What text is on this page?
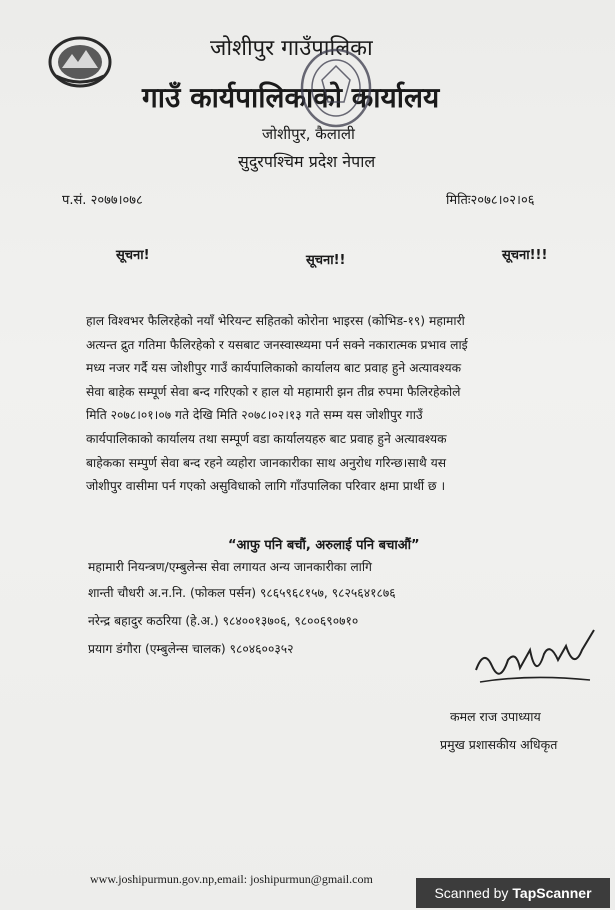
जोशीपुर गाउँपालिका
गाउँ कार्यपालिकाको कार्यालय
जोशीपुर, कैलाली
सुदुरपश्चिम प्रदेश नेपाल
प.सं. २०७७।०७८	मितिः२०७८।०२।०६
सूचना!	सूचना!!	सूचना!!!
हाल विश्वभर फैलिरहेको नयाँ भेरियन्ट सहितको कोरोना भाइरस (कोभिड-१९) महामारी
अत्यन्त द्रुत गतिमा फैलिरहेको र यसबाट जनस्वास्थ्यमा पर्न सक्ने नकारात्मक प्रभाव लाई
मध्य नजर गर्दै यस जोशीपुर गाउँ कार्यपालिकाको कार्यालय बाट प्रवाह हुने अत्यावश्यक
सेवा बाहेक सम्पूर्ण सेवा बन्द गरिएको र हाल यो महामारी झन तीव्र रुपमा फैलिरहेकोले
मिति २०७८।०१।०७ गते देखि मिति २०७८।०२।१३ गते सम्म यस जोशीपुर गाउँ
कार्यपालिकाको कार्यालय तथा सम्पूर्ण वडा कार्यालयहरु बाट प्रवाह हुने अत्यावश्यक
बाहेकका सम्पुर्ण सेवा बन्द रहने व्यहोरा जानकारीका साथ अनुरोध गरिन्छ।साथै यस
जोशीपुर वासीमा पर्न गएको असुविधाको लागि गाँउपालिका परिवार क्षमा प्रार्थी छ ।
“आफु पनि बचौं, अरुलाई पनि बचाऔं”
महामारी नियन्त्रण/एम्बुलेन्स सेवा लगायत अन्य जानकारीका लागि
शान्ती चौधरी अ.न.नि. (फोकल पर्सन) ९८६५९६८१५७, ९८२५६४१८७६
नरेन्द्र बहादुर कठरिया (हे.अ.) ९८४००१३७०६, ९८००६९०७१०
प्रयाग डंगौरा (एम्बुलेन्स चालक) ९८०४६००३५२
कमल राज उपाध्याय
प्रमुख प्रशासकीय अधिकृत
www.joshipurmun.gov.np,email: joshipurmun@gmail.com
Scanned by TapScanner
